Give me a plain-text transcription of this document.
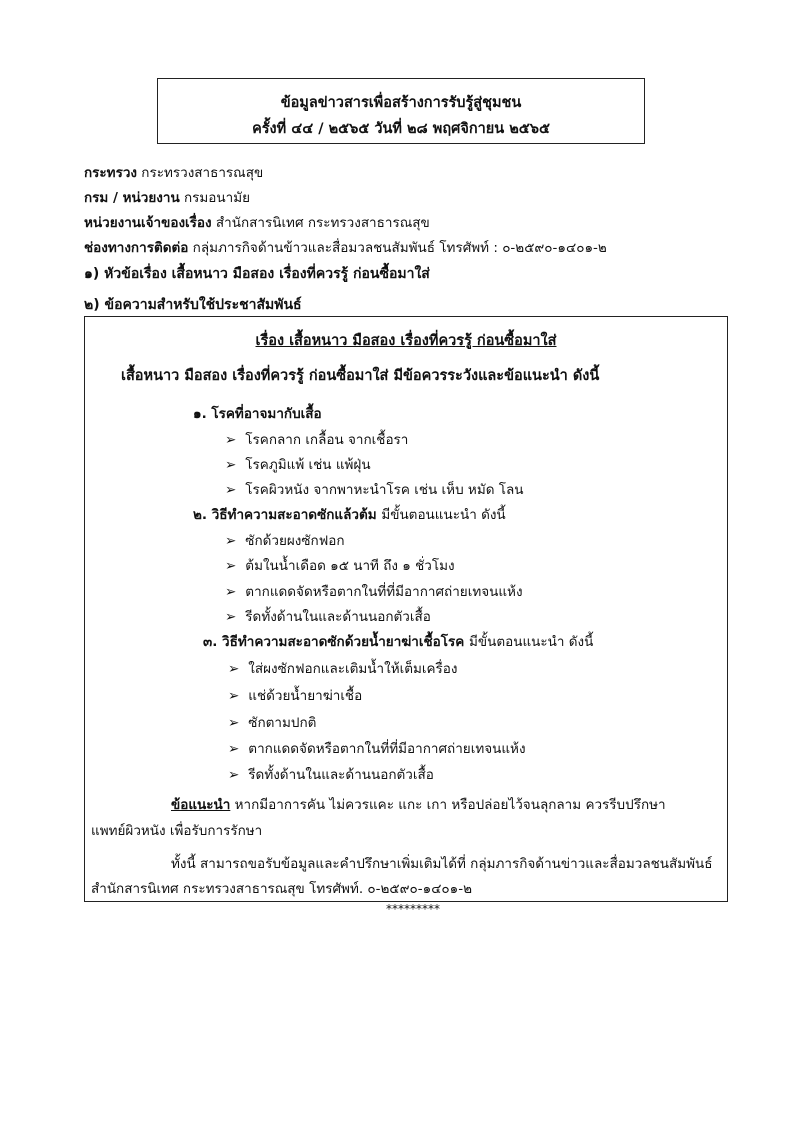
ข้อมูลข่าวสารเพื่อสร้างการรับรู้สู่ชุมชน
ครั้งที่ ๔๔ / ๒๕๖๕ วันที่ ๒๘ พฤศจิกายน ๒๕๖๕
กระทรวง กระทรวงสาธารณสุข
กรม / หน่วยงาน กรมอนามัย
หน่วยงานเจ้าของเรื่อง สำนักสารนิเทศ กระทรวงสาธารณสุข
ช่องทางการติดต่อ กลุ่มภารกิจด้านข้าวและสื่อมวลชนสัมพันธ์ โทรศัพท์ : ๐-๒๕๙๐-๑๔๐๑-๒
๑) หัวข้อเรื่อง เสื้อหนาว มือสอง เรื่องที่ควรรู้ ก่อนซื้อมาใส่
๒) ข้อความสำหรับใช้ประชาสัมพันธ์
เรื่อง เสื้อหนาว มือสอง เรื่องที่ควรรู้ ก่อนซื้อมาใส่
เสื้อหนาว มือสอง เรื่องที่ควรรู้ ก่อนซื้อมาใส่ มีข้อควรระวังและข้อแนะนำ ดังนี้
๑. โรคที่อาจมากับเสื้อ
➢ โรคกลาก เกลื้อน จากเชื้อรา
➢ โรคภูมิแพ้ เช่น แพ้ฝุ่น
➢ โรคผิวหนัง จากพาหะนำโรค เช่น เห็บ หมัด โลน
๒. วิธีทำความสะอาดซักแล้วต้ม มีขั้นตอนแนะนำ ดังนี้
➢ ซักด้วยผงซักฟอก
➢ ต้มในน้ำเดือด ๑๕ นาที ถึง ๑ ชั่วโมง
➢ ตากแดดจัดหรือตากในที่ที่มีอากาศถ่ายเทจนแห้ง
➢ รีดทั้งด้านในและด้านนอกตัวเสื้อ
๓. วิธีทำความสะอาดซักด้วยน้ำยาฆ่าเชื้อโรค มีขั้นตอนแนะนำ ดังนี้
➢ ใส่ผงซักฟอกและเติมน้ำให้เต็มเครื่อง
➢ แช่ด้วยน้ำยาฆ่าเชื้อ
➢ ซักตามปกติ
➢ ตากแดดจัดหรือตากในที่ที่มีอากาศถ่ายเทจนแห้ง
➢ รีดทั้งด้านในและด้านนอกตัวเสื้อ
ข้อแนะนำ หากมีอาการคัน ไม่ควรแคะ แกะ เกา หรือปล่อยไว้จนลุกลาม ควรรีบปรึกษา
แพทย์ผิวหนัง เพื่อรับการรักษา
ทั้งนี้ สามารถขอรับข้อมูลและคำปรึกษาเพิ่มเติมได้ที่ กลุ่มภารกิจด้านข่าวและสื่อมวลชนสัมพันธ์
สำนักสารนิเทศ กระทรวงสาธารณสุข โทรศัพท์. ๐-๒๕๙๐-๑๔๐๑-๒
*********
